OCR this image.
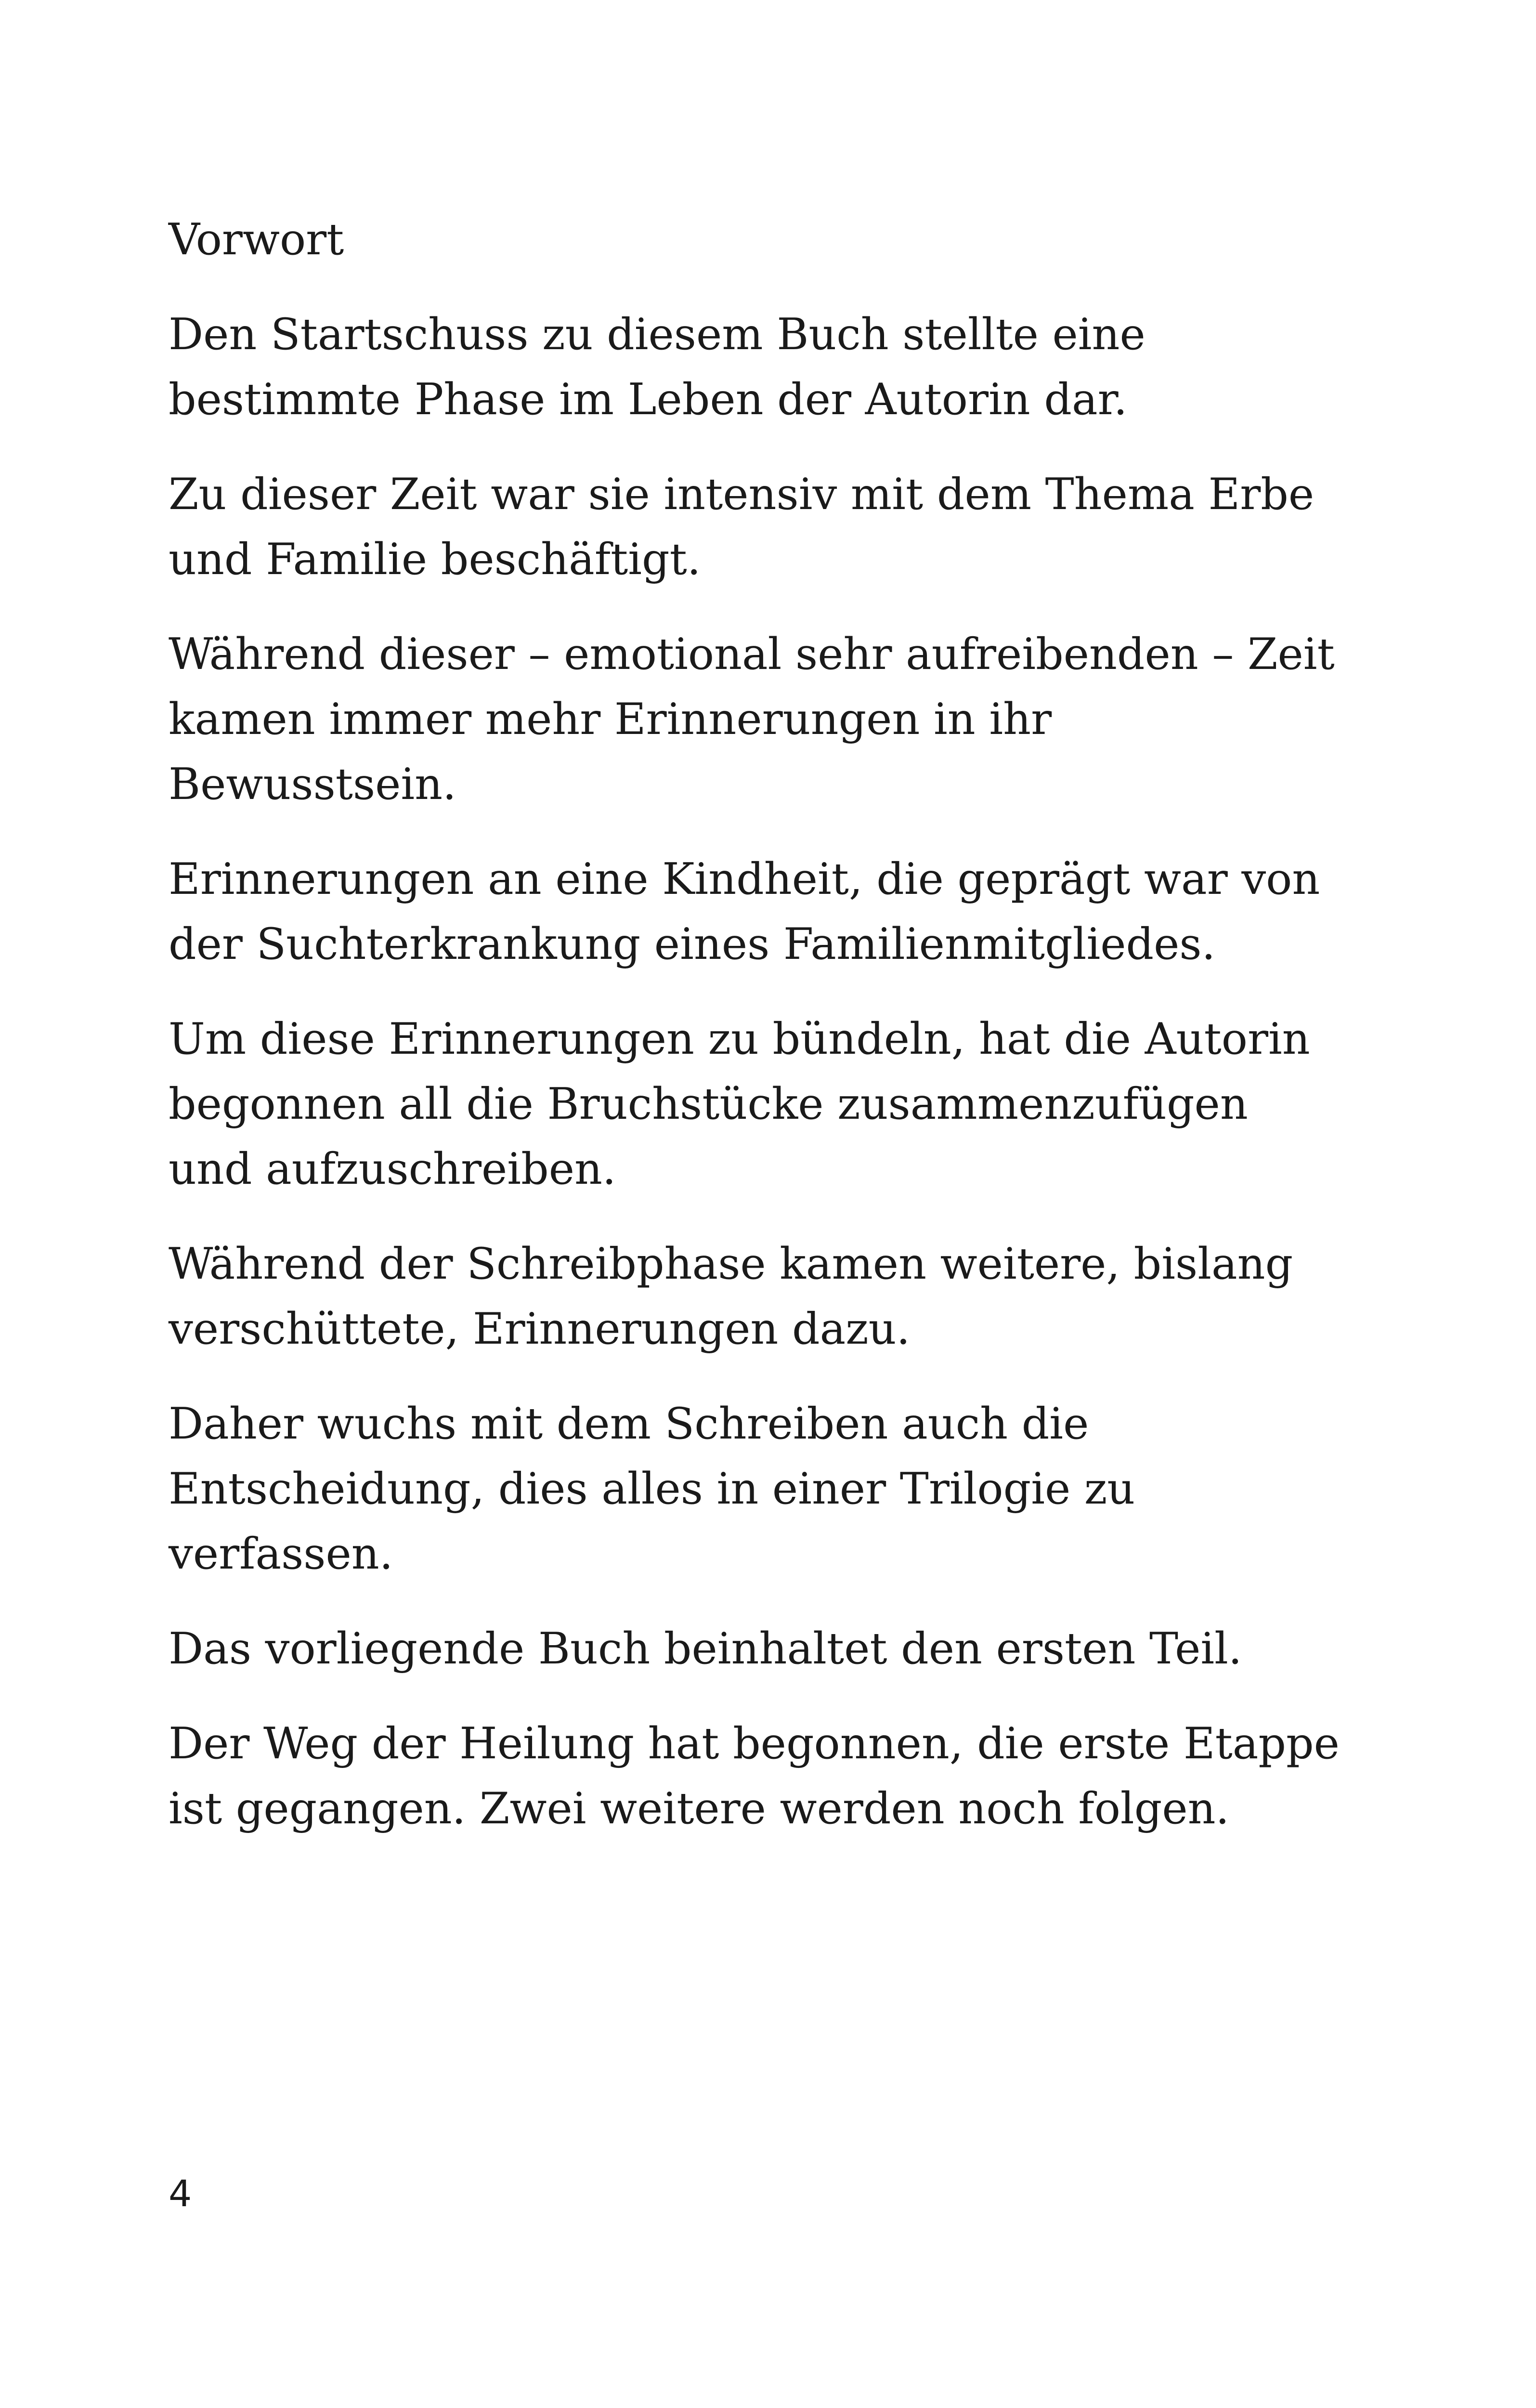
Vorwort

Den Startschuss zu diesem Buch stellte eine bestimmte Phase im Leben der Autorin dar.

Zu dieser Zeit war sie intensiv mit dem Thema Erbe und Familie beschäftigt.

Während dieser – emotional sehr aufreibenden – Zeit kamen immer mehr Erinnerungen in ihr Bewusstsein.

Erinnerungen an eine Kindheit, die geprägt war von der Suchterkrankung eines Familienmitgliedes.

Um diese Erinnerungen zu bündeln, hat die Autorin begonnen all die Bruchstücke zusammenzufügen und aufzuschreiben.

Während der Schreibphase kamen weitere, bislang verschüttete, Erinnerungen dazu.

Daher wuchs mit dem Schreiben auch die Entscheidung, dies alles in einer Trilogie zu verfassen.

Das vorliegende Buch beinhaltet den ersten Teil.

Der Weg der Heilung hat begonnen, die erste Etappe ist gegangen. Zwei weitere werden noch folgen.

4
